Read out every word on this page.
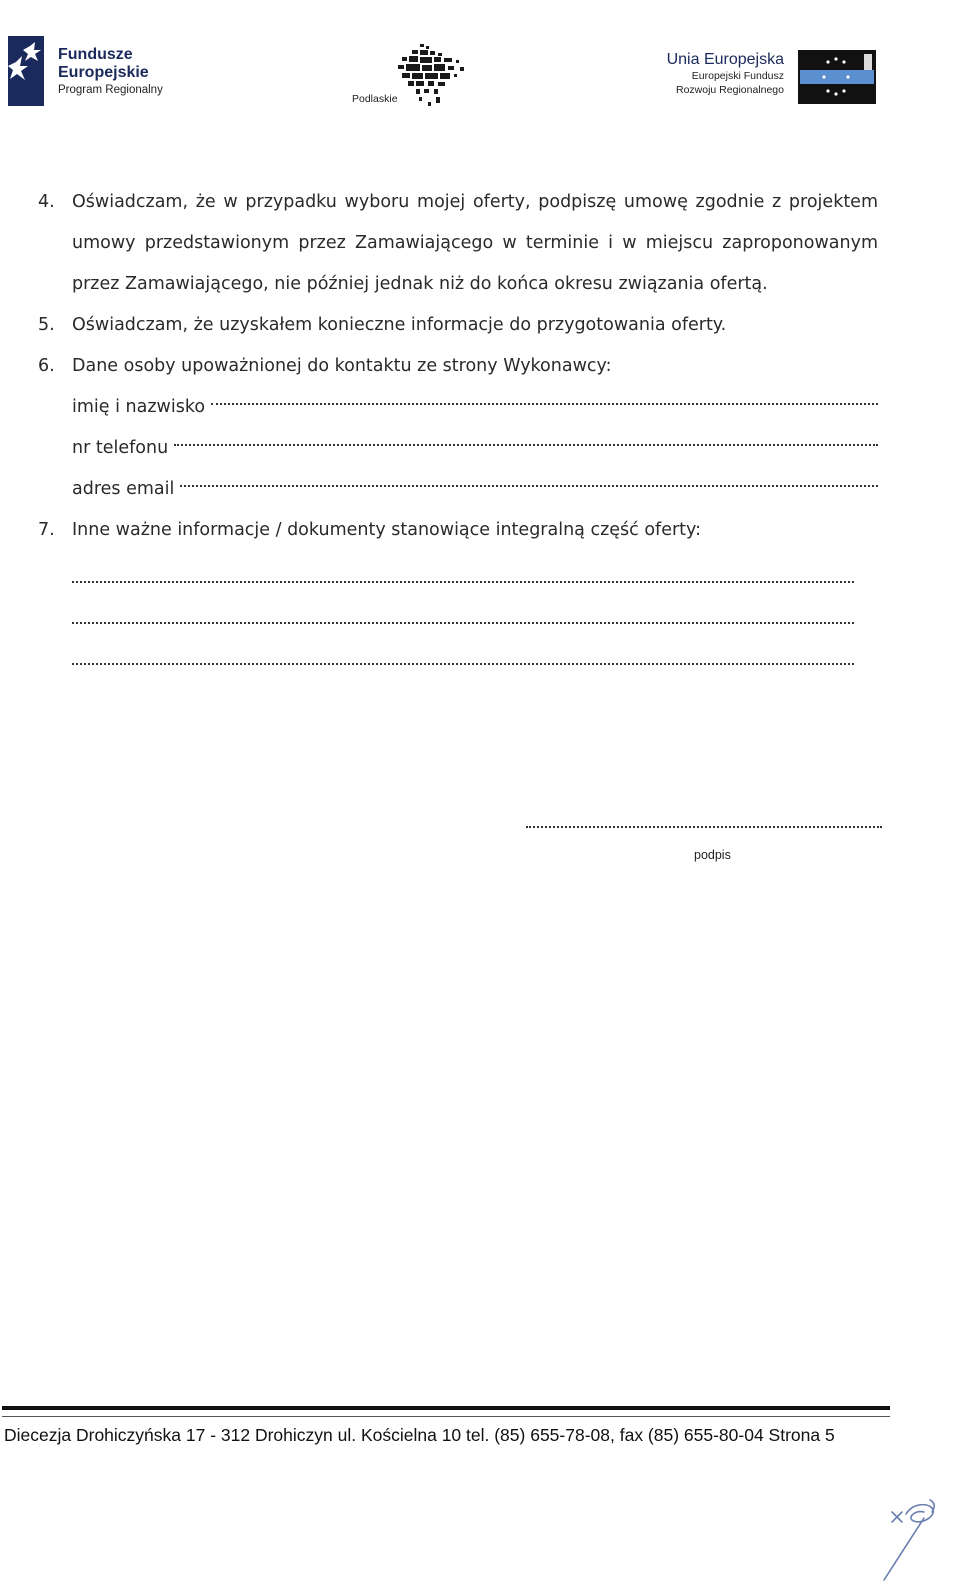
Fundusze
Europejskie
Program Regionalny
Podlaskie
Unia Europejska
Europejski Fundusz
Rozwoju Regionalnego
4. Oświadczam, że w przypadku wyboru mojej oferty, podpiszę umowę zgodnie z projektem umowy przedstawionym przez Zamawiającego w terminie i w miejscu zaproponowanym przez Zamawiającego, nie później jednak niż do końca okresu związania ofertą.
5. Oświadczam, że uzyskałem konieczne informacje do przygotowania oferty.
6. Dane osoby upoważnionej do kontaktu ze strony Wykonawcy:
imię i nazwisko
nr telefonu
adres email
7. Inne ważne informacje / dokumenty stanowiące integralną część oferty:
podpis
Diecezja Drohiczyńska 17 - 312 Drohiczyn ul. Kościelna 10 tel. (85) 655-78-08, fax (85) 655-80-04 Strona 5
